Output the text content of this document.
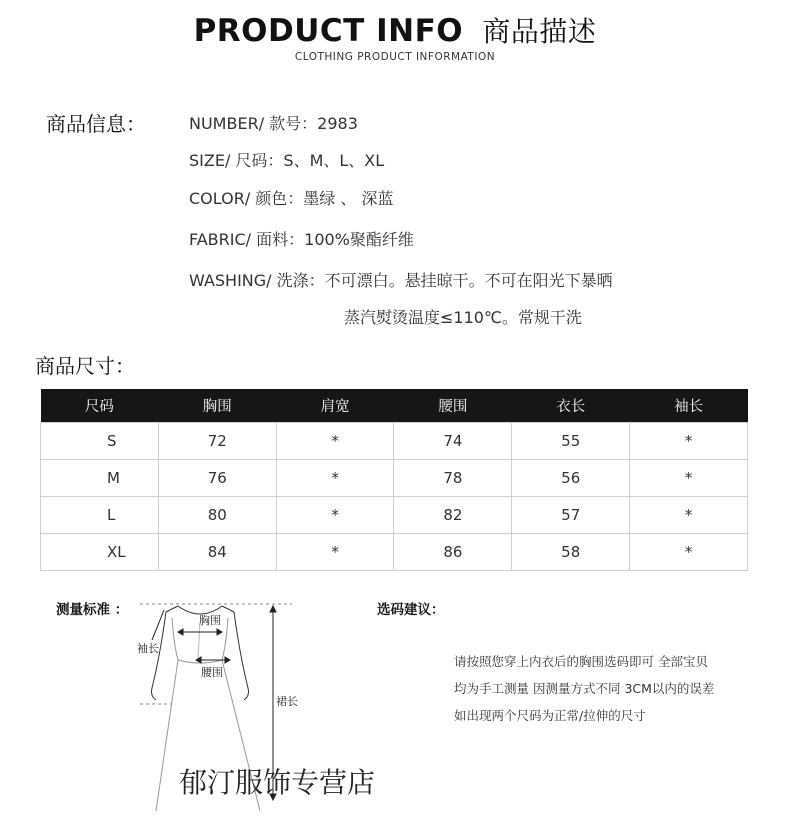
PRODUCT INFO 商品描述
CLOTHING PRODUCT INFORMATION
商品信息：	NUMBER/ 款号：2983
SIZE/ 尺码：S、M、L、XL
COLOR/ 颜色：墨绿 、 深蓝
FABRIC/ 面料：100%聚酯纤维
WASHING/ 洗涤：不可漂白。悬挂晾干。不可在阳光下暴晒
蒸汽熨烫温度≤110℃。常规干洗
商品尺寸：
尺码	胸围	肩宽	腰围	衣长	袖长
S	72	*	74	55	*
M	76	*	78	56	*
L	80	*	82	57	*
XL	84	*	86	58	*
测量标准 ：
胸围
腰围
袖长
裙长
选码建议：
请按照您穿上内衣后的胸围选码即可 全部宝贝
均为手工测量 因测量方式不同 3CM以内的误差
如出现两个尺码为正常/拉伸的尺寸
郁汀服饰专营店
